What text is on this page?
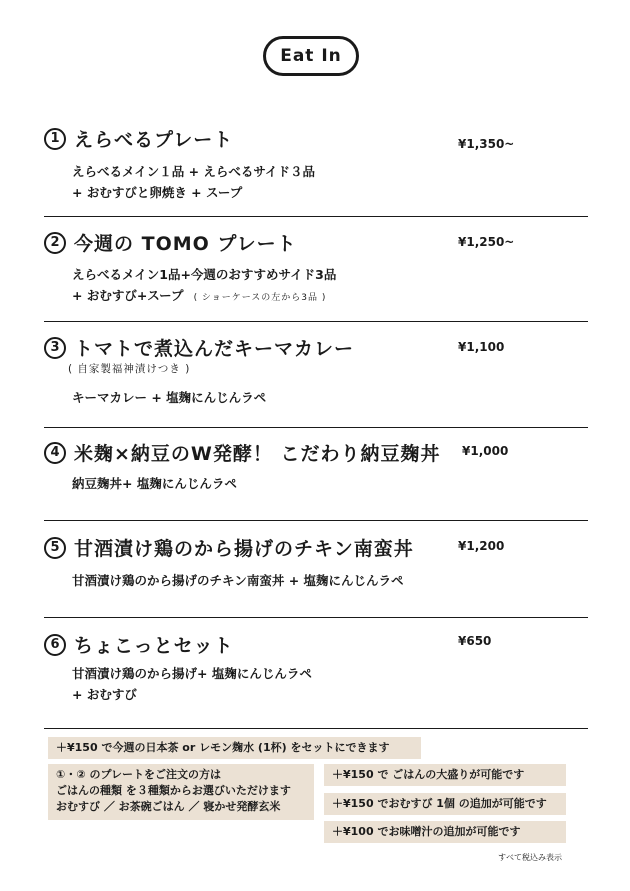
Eat In
1 えらべるプレート	¥1,350~
えらべるメイン１品 + えらべるサイド３品
+ おむすびと卵焼き + スープ
2 今週の TOMO プレート	¥1,250~
えらべるメイン1品+今週のおすすめサイド3品
+ おむすび+スープ ( ショーケースの左から3品 )
3 トマトで煮込んだキーマカレー	¥1,100
( 自家製福神漬けつき )
キーマカレー + 塩麹にんじんラペ
4 米麹×納豆のW発酵！ こだわり納豆麹丼 ¥1,000
納豆麹丼+ 塩麹にんじんラペ
5 甘酒漬け鶏のから揚げのチキン南蛮丼	¥1,200
甘酒漬け鶏のから揚げのチキン南蛮丼 + 塩麹にんじんラペ
6 ちょこっとセット	¥650
甘酒漬け鶏のから揚げ+ 塩麹にんじんラペ
+ おむすび
＋¥150 で今週の日本茶 or レモン麹水 (1杯) をセットにできます
①・② のプレートをご注文の方は
ごはんの種類 を３種類からお選びいただけます
おむすび ／ お茶碗ごはん ／ 寝かせ発酵玄米
＋¥150 で ごはんの大盛りが可能です
＋¥150 でおむすび 1個 の追加が可能です
＋¥100 でお味噌汁の追加が可能です
すべて税込み表示
